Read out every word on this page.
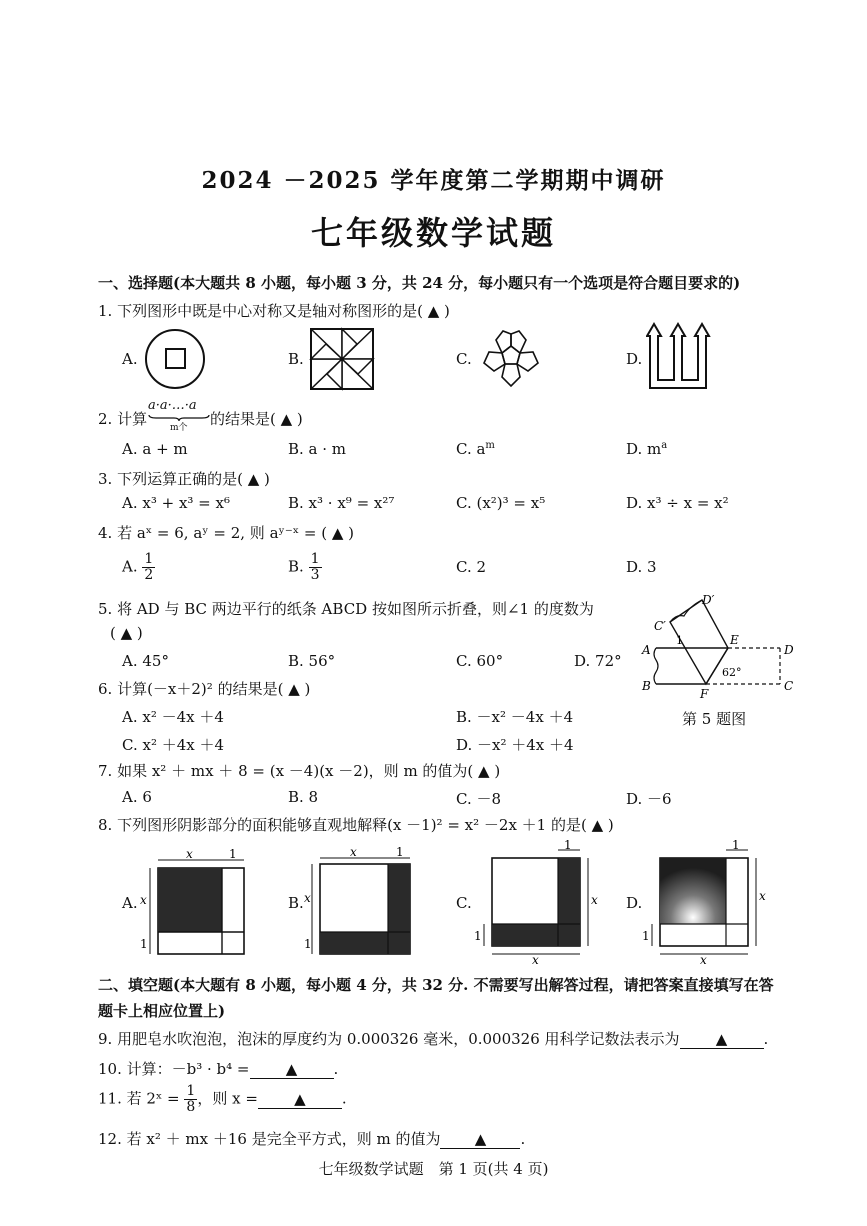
2024 －2025 学年度第二学期期中调研
七年级数学试题
一、选择题(本大题共 8 小题，每小题 3 分，共 24 分，每小题只有一个选项是符合题目要求的)
1. 下列图形中既是中心对称又是轴对称图形的是( ▲ )
A.	B.	C.	D.
2. 计算
a·a·…·a
m个 的结果是( ▲ )
A. a + m	B. a · m	C. $a^m$	D. $m^a$
3. 下列运算正确的是( ▲ )
A. x³ + x³ = x⁶	B. x³ · x⁹ = x²⁷	C. (x²)³ = x⁵	D. x³ ÷ x = x²
4. 若 aˣ = 6, aʸ = 2, 则 aʸ⁻ˣ = ( ▲ )
A. $\frac{1}{2}$	B. $\frac{1}{3}$	C. 2	D. 3
5. 将 AD 与 BC 两边平行的纸条 ABCD 按如图所示折叠，则∠1 的度数为
( ▲ )
A. 45°	B. 56°	C. 60°	D. 72°
D′
C′
1	E
A	D
62°
B
F
C
第 5 题图
6. 计算(－x＋2)² 的结果是( ▲ )
A. x² －4x ＋4	B. －x² －4x ＋4
C. x² ＋4x ＋4	D. －x² ＋4x ＋4
7. 如果 x² ＋ mx ＋ 8 = (x －4)(x －2)，则 m 的值为( ▲ )
A. 6	B. 8	C. －8	D. －6
8. 下列图形阴影部分的面积能够直观地解释(x －1)² = x² －2x ＋1 的是( ▲ )
A.
x	1
x
1
B.
x	1
x
1
C.
1
x
x
1
D.
1
x
x
1
二、填空题(本大题有 8 小题，每小题 4 分，共 32 分. 不需要写出解答过程，请把答案直接填写在答
题卡上相应位置上)
9. 用肥皂水吹泡泡，泡沫的厚度约为 0.000326 毫米，0.000326 用科学记数法表示为 ▲ .
10. 计算：－b³ · b⁴ = ▲ .
11. 若 2ˣ = $\frac{1}{8}$ ，则 x = ▲ .
12. 若 x² ＋ mx ＋16 是完全平方式，则 m 的值为 ▲ .
七年级数学试题　第 1 页(共 4 页)
